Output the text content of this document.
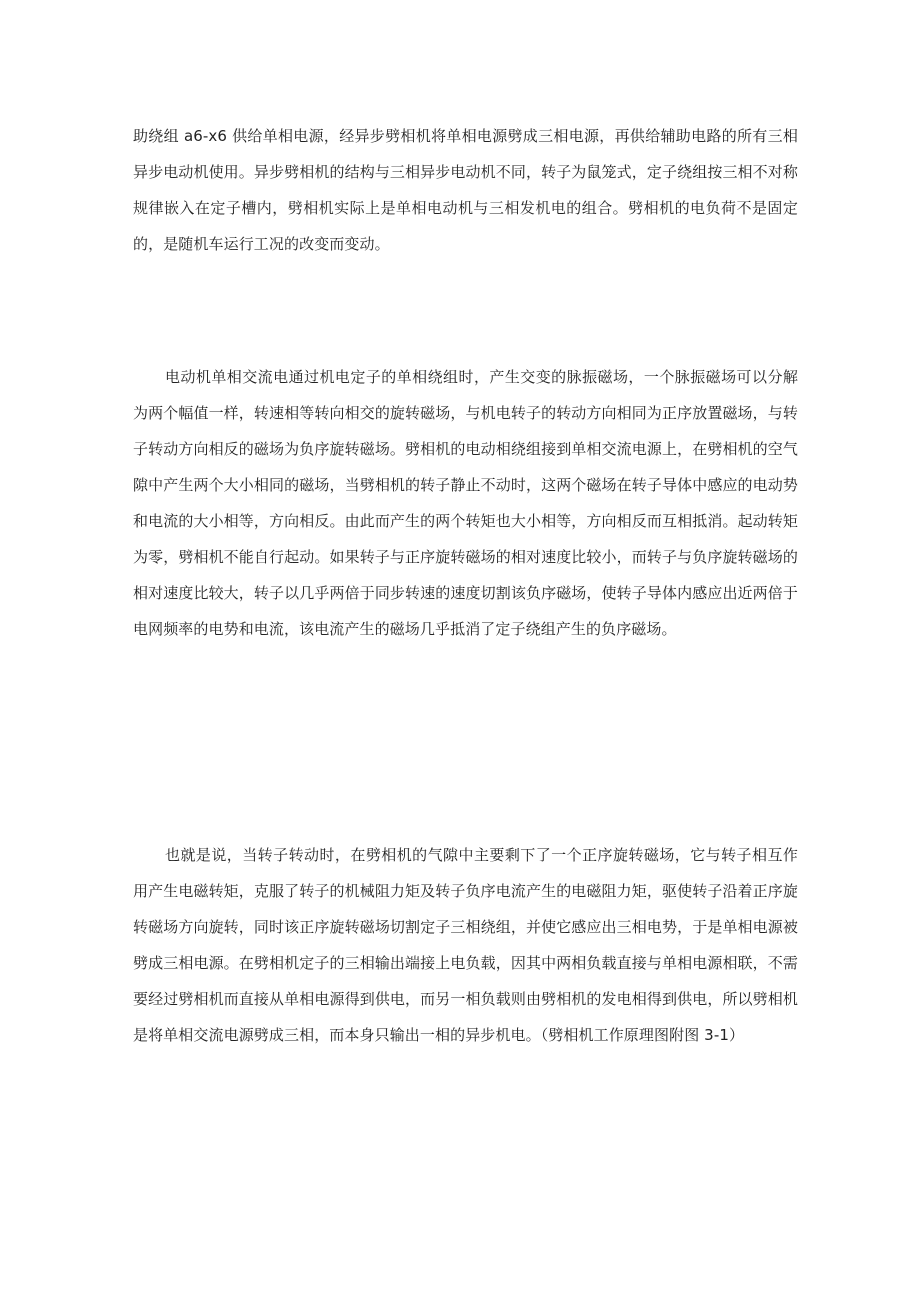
助绕组 a6-x6 供给单相电源，经异步劈相机将单相电源劈成三相电源，再供给辅助电路的所有三相异步电动机使用。异步劈相机的结构与三相异步电动机不同，转子为鼠笼式，定子绕组按三相不对称规律嵌入在定子槽内，劈相机实际上是单相电动机与三相发机电的组合。劈相机的电负荷不是固定的，是随机车运行工况的改变而变动。

电动机单相交流电通过机电定子的单相绕组时，产生交变的脉振磁场，一个脉振磁场可以分解为两个幅值一样，转速相等转向相交的旋转磁场，与机电转子的转动方向相同为正序放置磁场，与转子转动方向相反的磁场为负序旋转磁场。劈相机的电动相绕组接到单相交流电源上，在劈相机的空气隙中产生两个大小相同的磁场，当劈相机的转子静止不动时，这两个磁场在转子导体中感应的电动势和电流的大小相等，方向相反。由此而产生的两个转矩也大小相等，方向相反而互相抵消。起动转矩为零，劈相机不能自行起动。如果转子与正序旋转磁场的相对速度比较小，而转子与负序旋转磁场的相对速度比较大，转子以几乎两倍于同步转速的速度切割该负序磁场，使转子导体内感应出近两倍于电网频率的电势和电流，该电流产生的磁场几乎抵消了定子绕组产生的负序磁场。

也就是说，当转子转动时，在劈相机的气隙中主要剩下了一个正序旋转磁场，它与转子相互作用产生电磁转矩，克服了转子的机械阻力矩及转子负序电流产生的电磁阻力矩，驱使转子沿着正序旋转磁场方向旋转，同时该正序旋转磁场切割定子三相绕组，并使它感应出三相电势，于是单相电源被劈成三相电源。在劈相机定子的三相输出端接上电负载，因其中两相负载直接与单相电源相联，不需要经过劈相机而直接从单相电源得到供电，而另一相负载则由劈相机的发电相得到供电，所以劈相机是将单相交流电源劈成三相，而本身只输出一相的异步机电。（劈相机工作原理图附图 3-1）
